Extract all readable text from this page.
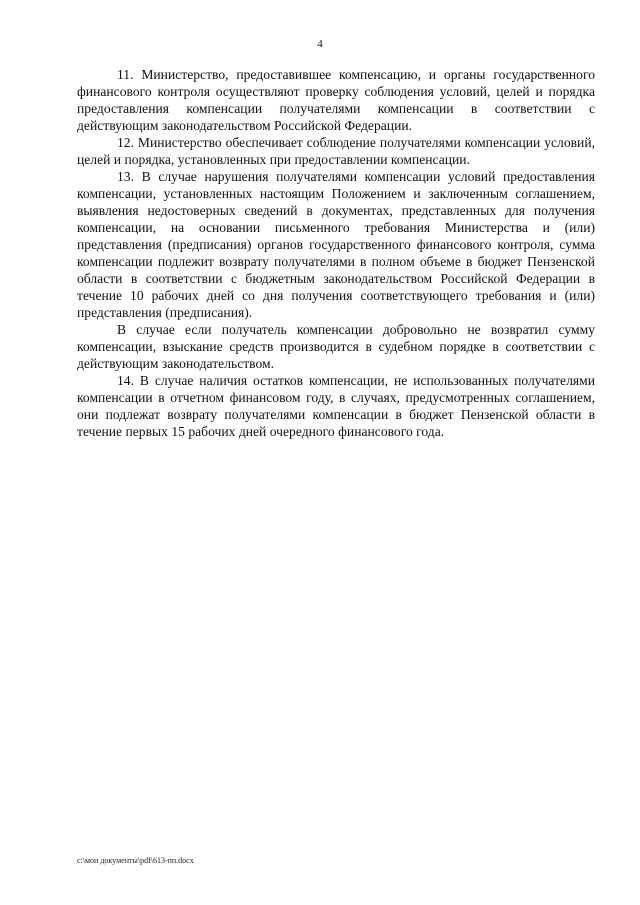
4

11. Министерство, предоставившее компенсацию, и органы государственного финансового контроля осуществляют проверку соблюдения условий, целей и порядка предоставления компенсации получателями компенсации в соответствии с действующим законодательством Российской Федерации.

12. Министерство обеспечивает соблюдение получателями компенсации условий, целей и порядка, установленных при предоставлении компенсации.

13. В случае нарушения получателями компенсации условий предоставления компенсации, установленных настоящим Положением и заключенным соглашением, выявления недостоверных сведений в документах, представленных для получения компенсации, на основании письменного требования Министерства и (или) представления (предписания) органов государственного финансового контроля, сумма компенсации подлежит возврату получателями в полном объеме в бюджет Пензенской области в соответствии с бюджетным законодательством Российской Федерации в течение 10 рабочих дней со дня получения соответствующего требования и (или) представления (предписания).

В случае если получатель компенсации добровольно не возвратил сумму компенсации, взыскание средств производится в судебном порядке в соответствии с действующим законодательством.

14. В случае наличия остатков компенсации, не использованных получателями компенсации в отчетном финансовом году, в случаях, предусмотренных соглашением, они подлежат возврату получателями компенсации в бюджет Пензенской области в течение первых 15 рабочих дней очередного финансового года.

c:\мои документы\pdf\613-пп.docx
